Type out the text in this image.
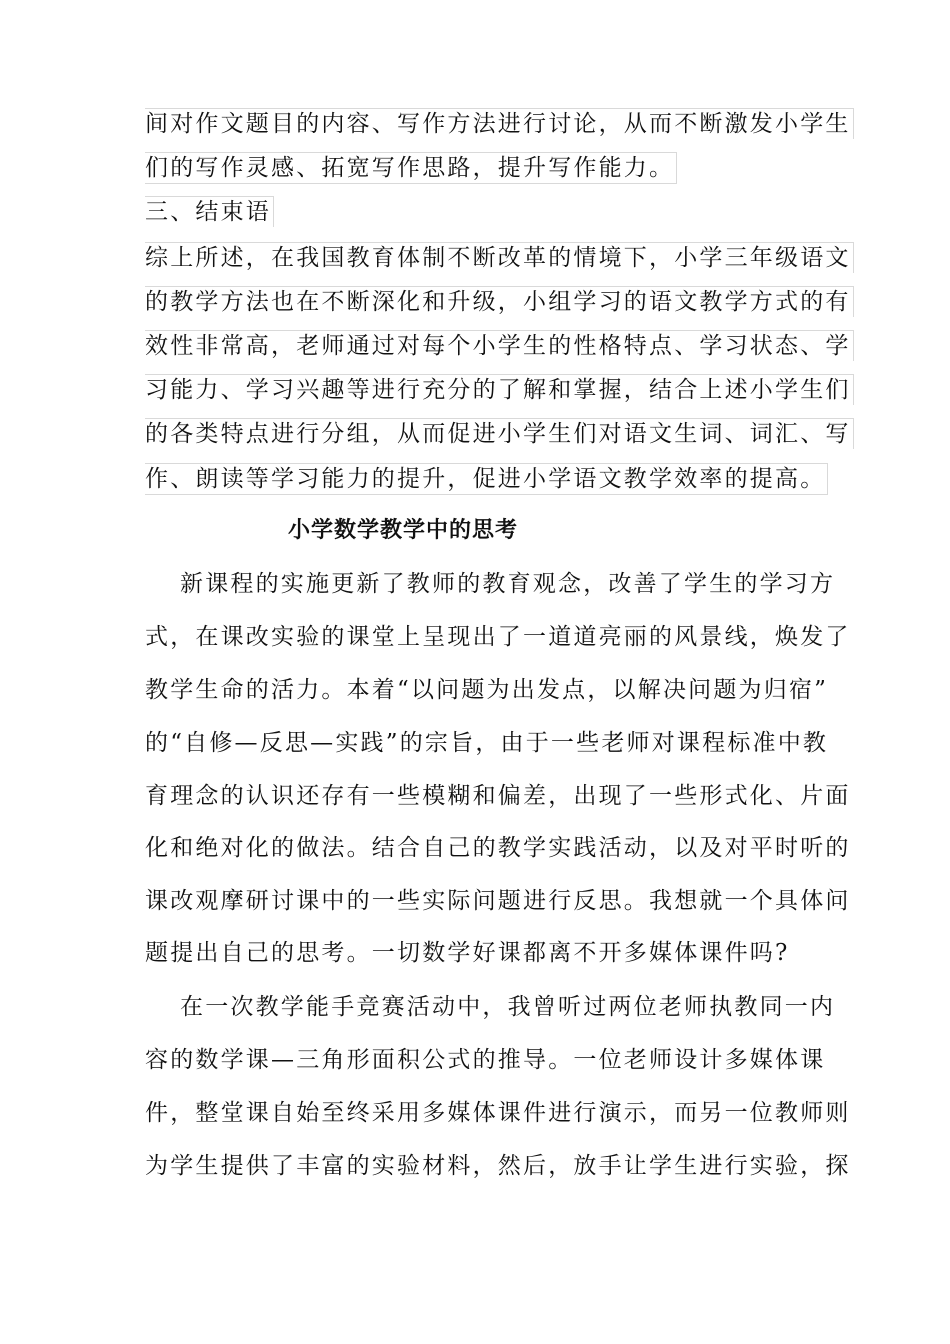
间对作文题目的内容、写作方法进行讨论，从而不断激发小学生
们的写作灵感、拓宽写作思路，提升写作能力。
三、结束语
综上所述，在我国教育体制不断改革的情境下，小学三年级语文
的教学方法也在不断深化和升级，小组学习的语文教学方式的有
效性非常高，老师通过对每个小学生的性格特点、学习状态、学
习能力、学习兴趣等进行充分的了解和掌握，结合上述小学生们
的各类特点进行分组，从而促进小学生们对语文生词、词汇、写
作、朗读等学习能力的提升，促进小学语文教学效率的提高。
小学数学教学中的思考
新课程的实施更新了教师的教育观念，改善了学生的学习方
式，在课改实验的课堂上呈现出了一道道亮丽的风景线，焕发了
教学生命的活力。本着“以问题为出发点，以解决问题为归宿”
的“自修—反思—实践”的宗旨，由于一些老师对课程标准中教
育理念的认识还存有一些模糊和偏差，出现了一些形式化、片面
化和绝对化的做法。结合自己的教学实践活动，以及对平时听的
课改观摩研讨课中的一些实际问题进行反思。我想就一个具体问
题提出自己的思考。一切数学好课都离不开多媒体课件吗?
在一次教学能手竞赛活动中，我曾听过两位老师执教同一内
容的数学课—三角形面积公式的推导。一位老师设计多媒体课
件，整堂课自始至终采用多媒体课件进行演示，而另一位教师则
为学生提供了丰富的实验材料，然后，放手让学生进行实验，探
